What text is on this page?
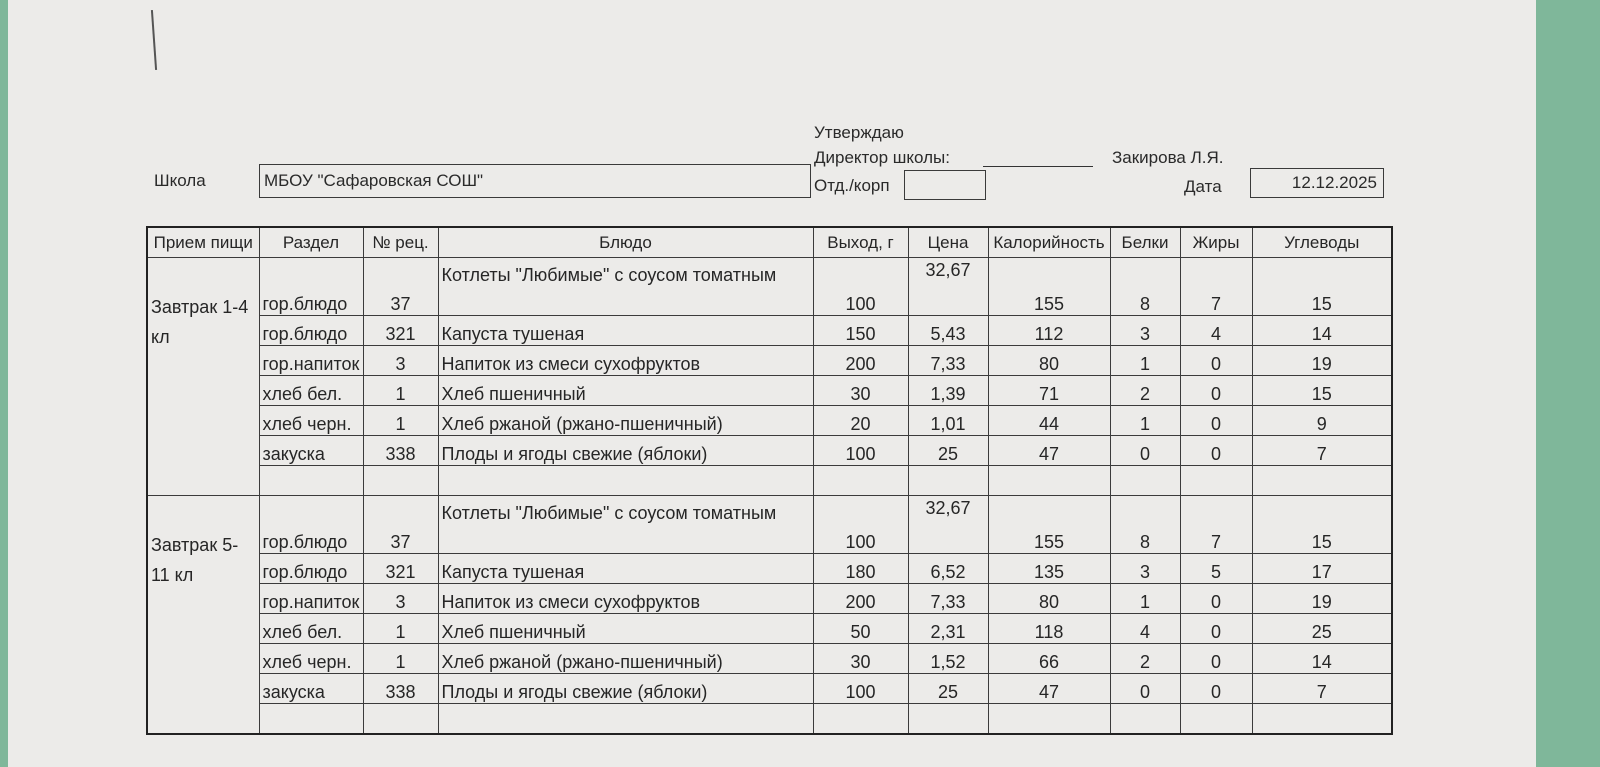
Утверждаю
Директор школы:	Закирова Л.Я.
Школа	МБОУ "Сафаровская СОШ"	Отд./корп	Дата	12.12.2025
Прием пищи	Раздел	№ рец.	Блюдо	Выход, г	Цена	Калорийность	Белки	Жиры	Углеводы
Завтрак 1-4 кл	гор.блюдо	37	Котлеты "Любимые" с соусом томатным	100	32,67	155	8	7	15
	гор.блюдо	321	Капуста тушеная	150	5,43	112	3	4	14
	гор.напиток	3	Напиток из смеси сухофруктов	200	7,33	80	1	0	19
	хлеб бел.	1	Хлеб пшеничный	30	1,39	71	2	0	15
	хлеб черн.	1	Хлеб ржаной (ржано-пшеничный)	20	1,01	44	1	0	9
	закуска	338	Плоды и ягоды свежие (яблоки)	100	25	47	0	0	7

Завтрак 5-11 кл	гор.блюдо	37	Котлеты "Любимые" с соусом томатным	100	32,67	155	8	7	15
	гор.блюдо	321	Капуста тушеная	180	6,52	135	3	5	17
	гор.напиток	3	Напиток из смеси сухофруктов	200	7,33	80	1	0	19
	хлеб бел.	1	Хлеб пшеничный	50	2,31	118	4	0	25
	хлеб черн.	1	Хлеб ржаной (ржано-пшеничный)	30	1,52	66	2	0	14
	закуска	338	Плоды и ягоды свежие (яблоки)	100	25	47	0	0	7
